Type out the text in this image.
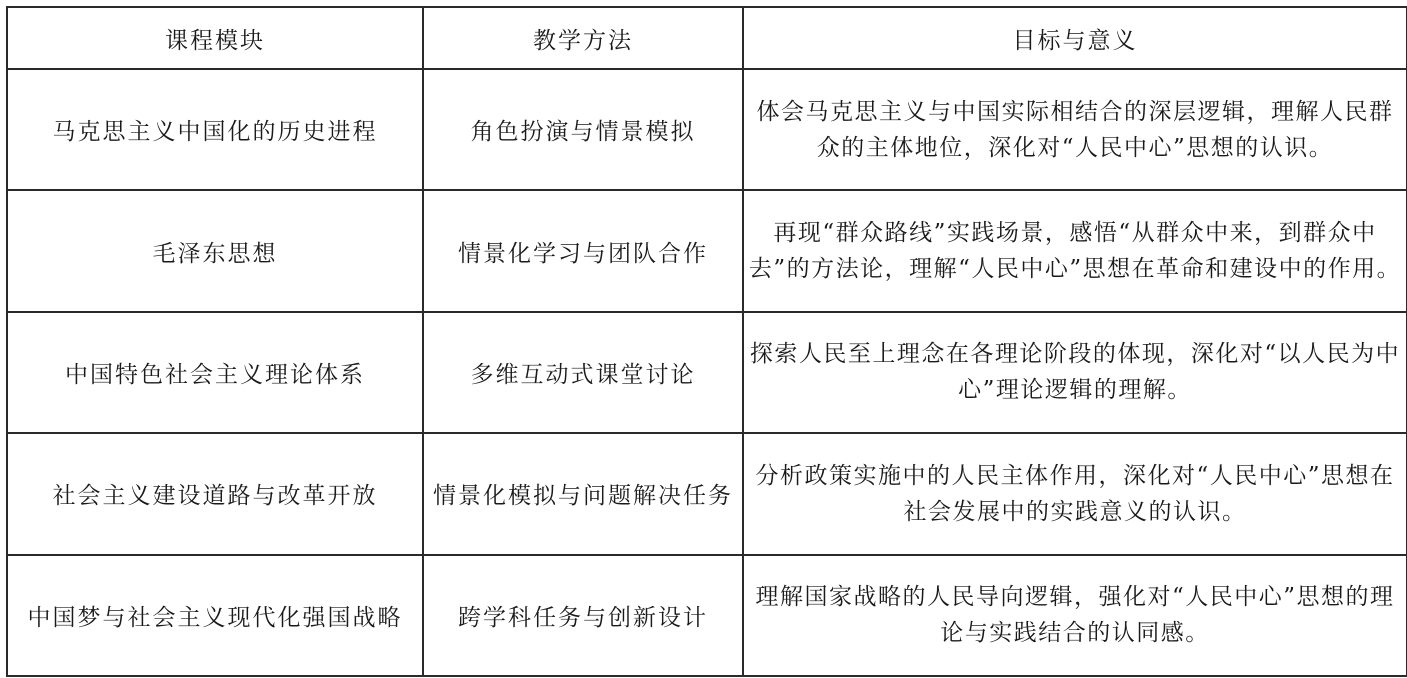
课程模块	教学方法	目标与意义
马克思主义中国化的历史进程	角色扮演与情景模拟	体会马克思主义与中国实际相结合的深层逻辑，理解人民群众的主体地位，深化对“人民中心”思想的认识。
毛泽东思想	情景化学习与团队合作	再现“群众路线”实践场景，感悟“从群众中来，到群众中去”的方法论，理解“人民中心”思想在革命和建设中的作用。
中国特色社会主义理论体系	多维互动式课堂讨论	探索人民至上理念在各理论阶段的体现，深化对“以人民为中心”理论逻辑的理解。
社会主义建设道路与改革开放	情景化模拟与问题解决任务	分析政策实施中的人民主体作用，深化对“人民中心”思想在社会发展中的实践意义的认识。
中国梦与社会主义现代化强国战略	跨学科任务与创新设计	理解国家战略的人民导向逻辑，强化对“人民中心”思想的理论与实践结合的认同感。
